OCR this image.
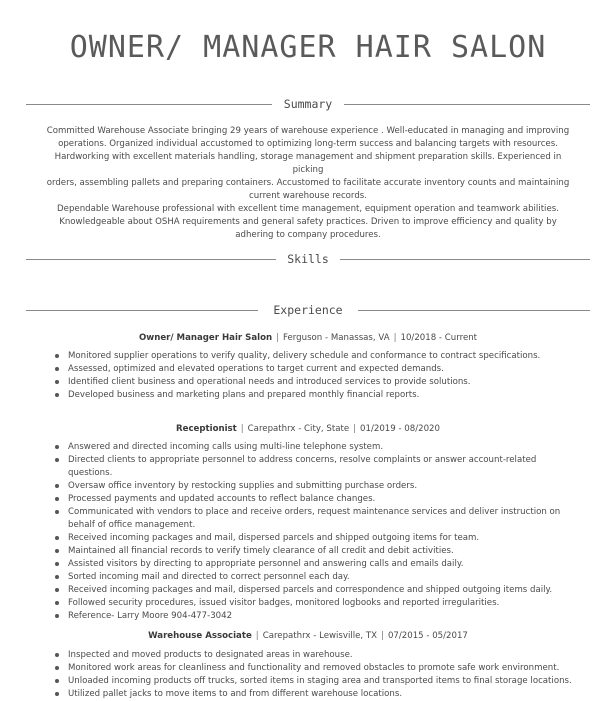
OWNER/ MANAGER HAIR SALON
Summary

Committed Warehouse Associate bringing 29 years of warehouse experience . Well-educated in managing and improving

operations. Organized individual accustomed to optimizing long-term success and balancing targets with resources.

Hardworking with excellent materials handling, storage management and shipment preparation skills. Experienced in picking

orders, assembling pallets and preparing containers. Accustomed to facilitate accurate inventory counts and maintaining

current warehouse records.

Dependable Warehouse professional with excellent time management, equipment operation and teamwork abilities.

Knowledgeable about OSHA requirements and general safety practices. Driven to improve efficiency and quality by

adhering to company procedures.

Skills
Experience
Owner/ Manager Hair Salon | Ferguson - Manassas, VA | 10/2018 - Current
Monitored supplier operations to verify quality, delivery schedule and conformance to contract specifications.
Assessed, optimized and elevated operations to target current and expected demands.
Identified client business and operational needs and introduced services to provide solutions.
Developed business and marketing plans and prepared monthly financial reports.
Receptionist | Carepathrx - City, State | 01/2019 - 08/2020
Answered and directed incoming calls using multi-line telephone system.
Directed clients to appropriate personnel to address concerns, resolve complaints or answer account-related questions.
Oversaw office inventory by restocking supplies and submitting purchase orders.
Processed payments and updated accounts to reflect balance changes.
Communicated with vendors to place and receive orders, request maintenance services and deliver instruction on behalf of office management.
Received incoming packages and mail, dispersed parcels and shipped outgoing items for team.
Maintained all financial records to verify timely clearance of all credit and debit activities.
Assisted visitors by directing to appropriate personnel and answering calls and emails daily.
Sorted incoming mail and directed to correct personnel each day.
Received incoming packages and mail, dispersed parcels and correspondence and shipped outgoing items daily.
Followed security procedures, issued visitor badges, monitored logbooks and reported irregularities.
Reference- Larry Moore 904-477-3042
Warehouse Associate | Carepathrx - Lewisville, TX | 07/2015 - 05/2017
Inspected and moved products to designated areas in warehouse.
Monitored work areas for cleanliness and functionality and removed obstacles to promote safe work environment.
Unloaded incoming products off trucks, sorted items in staging area and transported items to final storage locations.
Utilized pallet jacks to move items to and from different warehouse locations.
